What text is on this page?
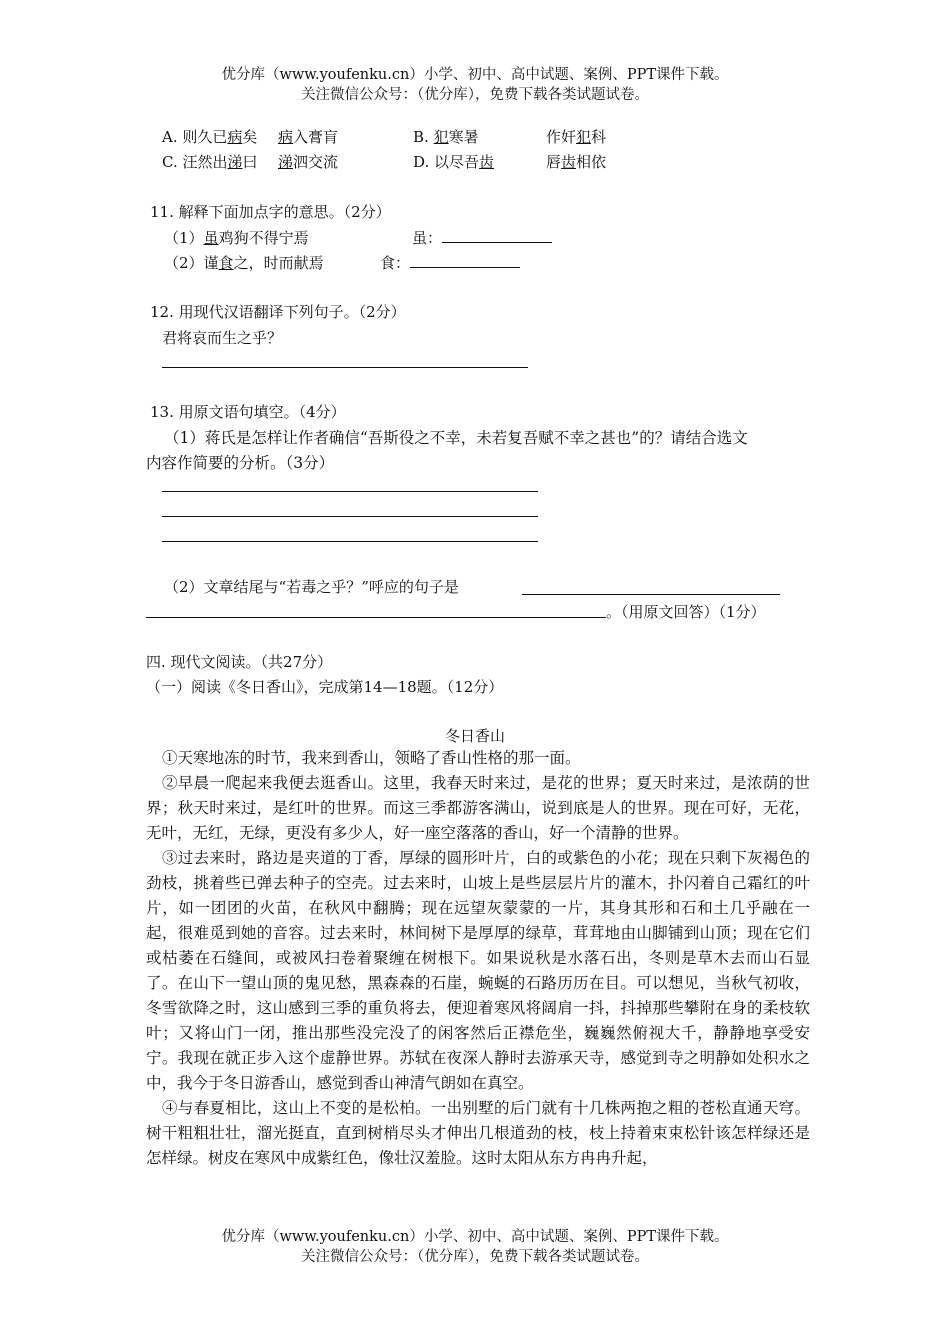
优分库（www.youfenku.cn）小学、初中、高中试题、案例、PPT课件下载。
关注微信公众号：（优分库），免费下载各类试题试卷。
A. 则久已病矣 病入膏肓	B. 犯寒暑	作奸犯科
C. 汪然出涕曰 涕泗交流	D. 以尽吾齿	唇齿相依
11. 解释下面加点字的意思。（2分）
（1）虽鸡狗不得宁焉	虽：
（2）谨食之，时而献焉	食：
12. 用现代汉语翻译下列句子。（2分）
君将哀而生之乎？
13. 用原文语句填空。（4分）
（1）蒋氏是怎样让作者确信“吾斯役之不幸，未若复吾赋不幸之甚也”的？请结合选文
内容作简要的分析。（3分）
（2）文章结尾与“若毒之乎？”呼应的句子是
。（用原文回答）（1分）
四. 现代文阅读。（共27分）
（一）阅读《冬日香山》，完成第14—18题。（12分）
冬日香山

①天寒地冻的时节，我来到香山，领略了香山性格的那一面。

②早晨一爬起来我便去逛香山。这里，我春天时来过，是花的世界；夏天时来过，是浓荫的世界；秋天时来过，是红叶的世界。而这三季都游客满山，说到底是人的世界。现在可好，无花，无叶，无红，无绿，更没有多少人，好一座空落落的香山，好一个清静的世界。

③过去来时，路边是夹道的丁香，厚绿的圆形叶片，白的或紫色的小花；现在只剩下灰褐色的劲枝，挑着些已弹去种子的空壳。过去来时，山坡上是些层层片片的灌木，扑闪着自己霜红的叶片，如一团团的火苗，在秋风中翻腾；现在远望灰蒙蒙的一片，其身其形和石和土几乎融在一起，很难觅到她的音容。过去来时，林间树下是厚厚的绿草，茸茸地由山脚铺到山顶；现在它们或枯萎在石缝间，或被风扫卷着聚缠在树根下。如果说秋是水落石出，冬则是草木去而山石显了。在山下一望山顶的鬼见愁，黑森森的石崖，蜿蜒的石路历历在目。可以想见，当秋气初收，冬雪欲降之时，这山感到三季的重负将去，便迎着寒风将阔肩一抖，抖掉那些攀附在身的柔枝软叶；又将山门一闭，推出那些没完没了的闲客然后正襟危坐，巍巍然俯视大千，静静地享受安宁。我现在就正步入这个虚静世界。苏轼在夜深人静时去游承天寺，感觉到寺之明静如处积水之中，我今于冬日游香山，感觉到香山神清气朗如在真空。

④与春夏相比，这山上不变的是松柏。一出别墅的后门就有十几株两抱之粗的苍松直通天穹。树干粗粗壮壮，溜光挺直，直到树梢尽头才伸出几根道劲的枝，枝上持着束束松针该怎样绿还是怎样绿。树皮在寒风中成紫红色，像壮汉羞脸。这时太阳从东方冉冉升起，

优分库（www.youfenku.cn）小学、初中、高中试题、案例、PPT课件下载。
关注微信公众号：（优分库），免费下载各类试题试卷。
